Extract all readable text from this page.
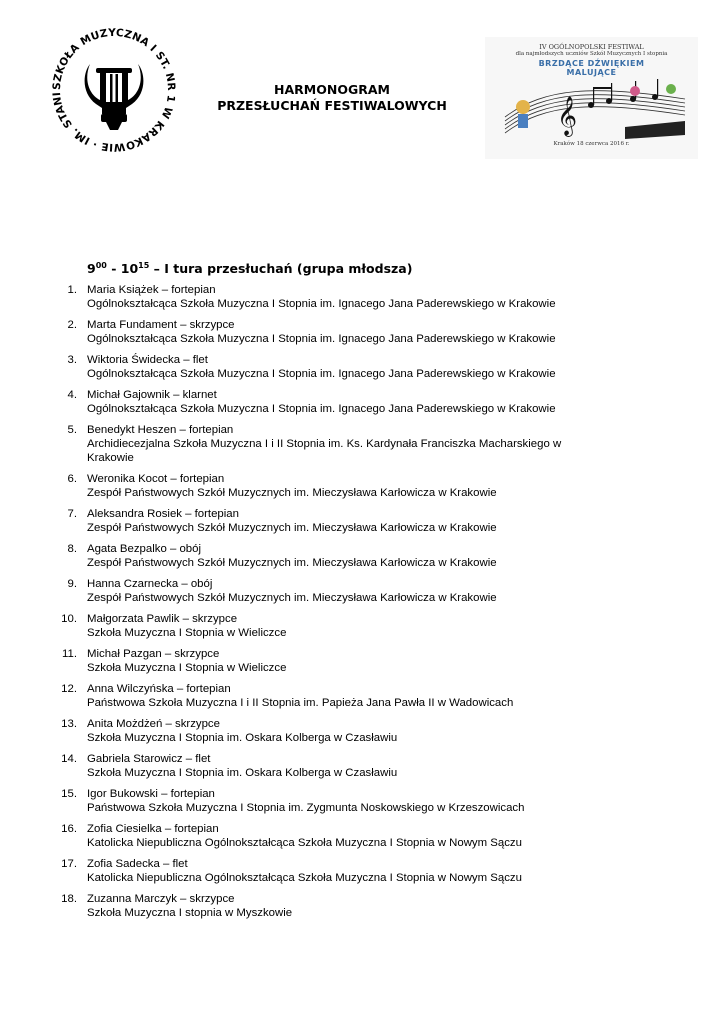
SZKOŁA MUZYCZNA I ST. NR 1 W KRAKOWIE · IM. STANI	HARMONOGRAM
PRZESŁUCHAŃ FESTIWALOWYCH
IV OGÓLNOPOLSKI FESTIWAL
dla najmłodszych uczniów Szkół Muzycznych I stopnia
BRZDĄCE DŹWIĘKIEM
MALUJĄCE
𝄞
Kraków 18 czerwca 2016 r.
$9^{00} - 10^{15}$ – I tura przesłuchań (grupa młodsza)
1. Maria Książek – fortepian
Ogólnokształcąca Szkoła Muzyczna I Stopnia im. Ignacego Jana Paderewskiego w Krakowie
2. Marta Fundament – skrzypce
Ogólnokształcąca Szkoła Muzyczna I Stopnia im. Ignacego Jana Paderewskiego w Krakowie
3. Wiktoria Świdecka – flet
Ogólnokształcąca Szkoła Muzyczna I Stopnia im. Ignacego Jana Paderewskiego w Krakowie
4. Michał Gajownik – klarnet
Ogólnokształcąca Szkoła Muzyczna I Stopnia im. Ignacego Jana Paderewskiego w Krakowie
5. Benedykt Heszen – fortepian
Archidiecezjalna Szkoła Muzyczna I i II Stopnia im. Ks. Kardynała Franciszka Macharskiego w
Krakowie
6. Weronika Kocot – fortepian
Zespół Państwowych Szkół Muzycznych im. Mieczysława Karłowicza w Krakowie
7. Aleksandra Rosiek – fortepian
Zespół Państwowych Szkół Muzycznych im. Mieczysława Karłowicza w Krakowie
8. Agata Bezpalko – obój
Zespół Państwowych Szkół Muzycznych im. Mieczysława Karłowicza w Krakowie
9. Hanna Czarnecka – obój
Zespół Państwowych Szkół Muzycznych im. Mieczysława Karłowicza w Krakowie
10. Małgorzata Pawlik – skrzypce
Szkoła Muzyczna I Stopnia w Wieliczce
11. Michał Pazgan – skrzypce
Szkoła Muzyczna I Stopnia w Wieliczce
12. Anna Wilczyńska – fortepian
Państwowa Szkoła Muzyczna I i II Stopnia im. Papieża Jana Pawła II w Wadowicach
13. Anita Możdżeń – skrzypce
Szkoła Muzyczna I Stopnia im. Oskara Kolberga w Czasławiu
14. Gabriela Starowicz – flet
Szkoła Muzyczna I Stopnia im. Oskara Kolberga w Czasławiu
15. Igor Bukowski – fortepian
Państwowa Szkoła Muzyczna I Stopnia im. Zygmunta Noskowskiego w Krzeszowicach
16. Zofia Ciesielka – fortepian
Katolicka Niepubliczna Ogólnokształcąca Szkoła Muzyczna I Stopnia w Nowym Sączu
17. Zofia Sadecka – flet
Katolicka Niepubliczna Ogólnokształcąca Szkoła Muzyczna I Stopnia w Nowym Sączu
18. Zuzanna Marczyk – skrzypce
Szkoła Muzyczna I stopnia w Myszkowie
